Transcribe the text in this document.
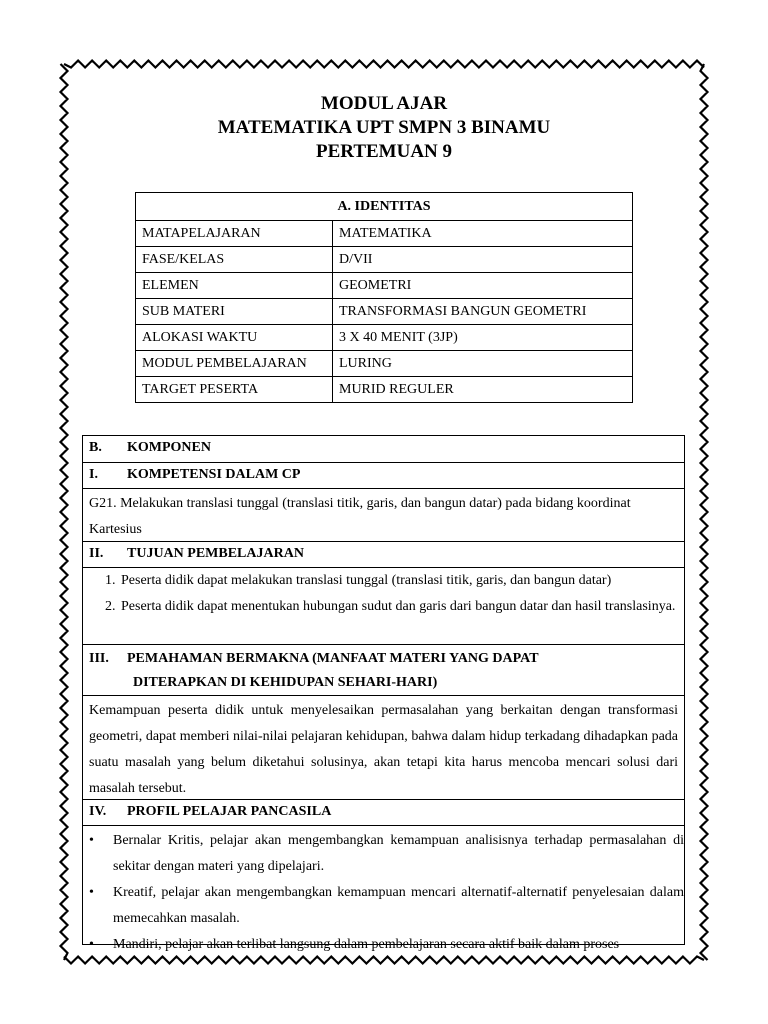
MODUL AJAR
MATEMATIKA UPT SMPN 3 BINAMU
PERTEMUAN 9
A. IDENTITAS	
MATAPELAJARAN	MATEMATIKA
FASE/KELAS	D/VII
ELEMEN	GEOMETRI
SUB MATERI	TRANSFORMASI BANGUN GEOMETRI
ALOKASI WAKTU	3 X 40 MENIT (3JP)
MODUL PEMBELAJARAN	LURING
TARGET PESERTA	MURID REGULER
B. KOMPONEN
I. KOMPETENSI DALAM CP
G21. Melakukan translasi tunggal (translasi titik, garis, dan bangun datar) pada bidang koordinat Kartesius
II. TUJUAN PEMBELAJARAN
1. Peserta didik dapat melakukan translasi tunggal (translasi titik, garis, dan bangun datar)
2. Peserta didik dapat menentukan hubungan sudut dan garis dari bangun datar dan hasil translasinya.
III. PEMAHAMAN BERMAKNA (MANFAAT MATERI YANG DAPAT
DITERAPKAN DI KEHIDUPAN SEHARI-HARI)
Kemampuan peserta didik untuk menyelesaikan permasalahan yang berkaitan dengan transformasi geometri, dapat memberi nilai-nilai pelajaran kehidupan, bahwa dalam hidup terkadang dihadapkan pada suatu masalah yang belum diketahui solusinya, akan tetapi kita harus mencoba mencari solusi dari masalah tersebut.
IV. PROFIL PELAJAR PANCASILA
• Bernalar Kritis, pelajar akan mengembangkan kemampuan analisisnya terhadap permasalahan di sekitar dengan materi yang dipelajari.
• Kreatif, pelajar akan mengembangkan kemampuan mencari alternatif-alternatif penyelesaian dalam memecahkan masalah.
• Mandiri, pelajar akan terlibat langsung dalam pembelajaran secara aktif baik dalam proses
